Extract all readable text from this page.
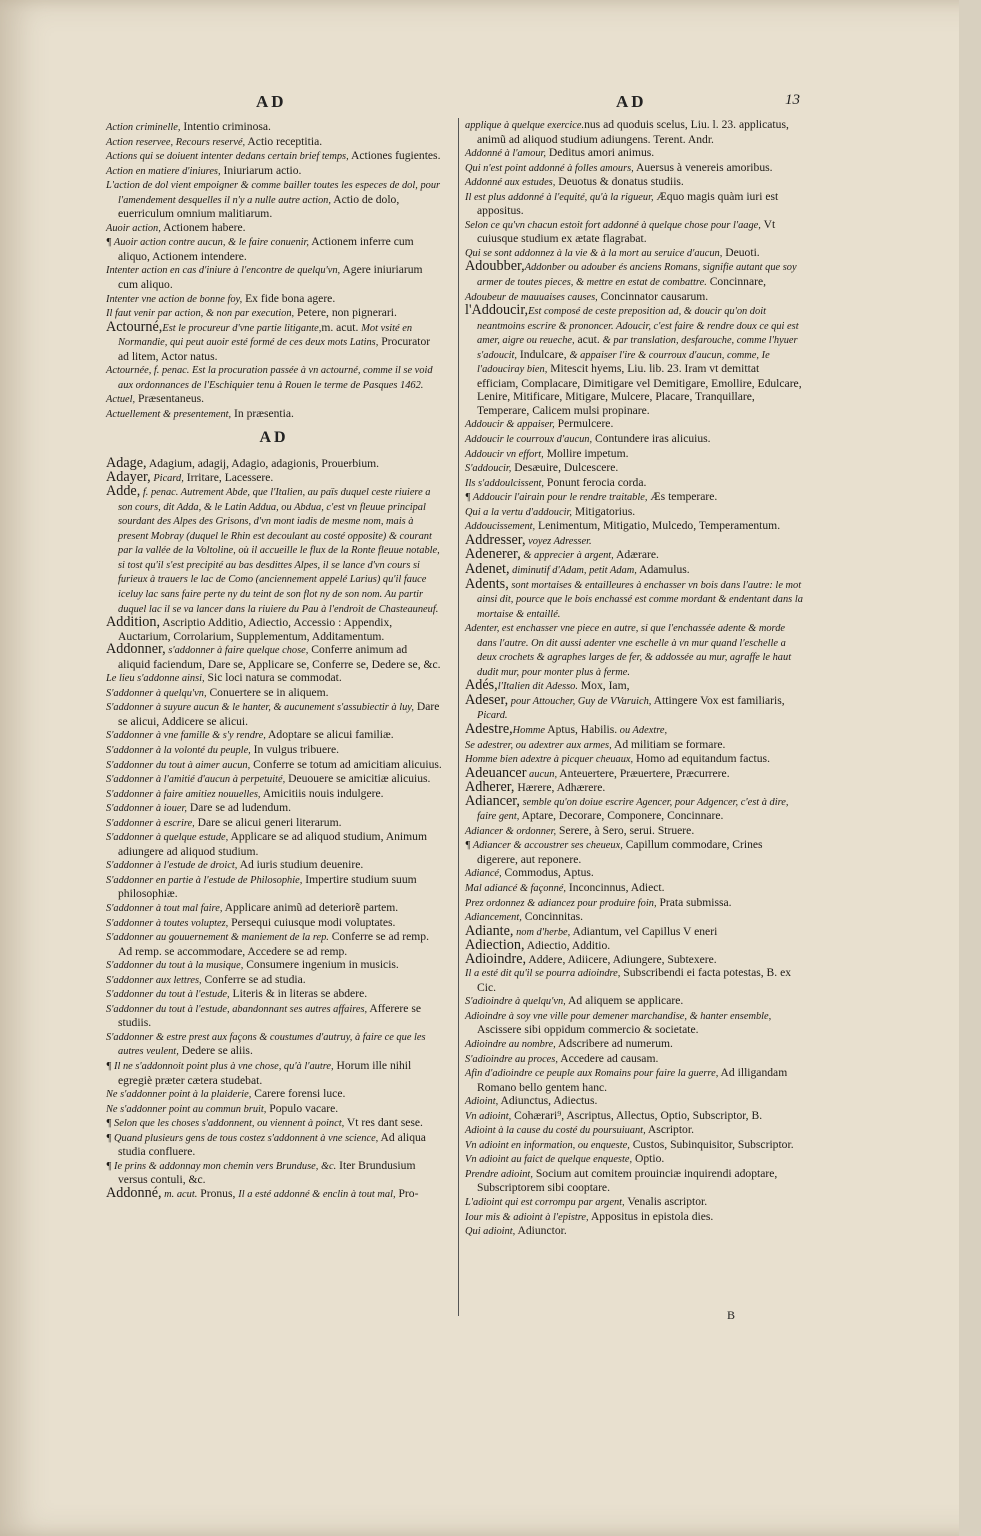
AD	AD	13

Action criminelle, Intentio criminosa.

Action reservee, Recours reservé, Actio receptitia.

Actions qui se doiuent intenter dedans certain brief temps, Actiones fugientes.

Action en matiere d'iniures, Iniuriarum actio.

L'action de dol vient empoigner & comme bailler toutes les especes de dol, pour l'amendement desquelles il n'y a nulle autre action, Actio de dolo, euerriculum omnium malitiarum.

Auoir action, Actionem habere.

¶ Auoir action contre aucun, & le faire conuenir, Actionem inferre cum aliquo, Actionem intendere.

Intenter action en cas d'iniure à l'encontre de quelqu'vn, Agere iniuriarum cum aliquo.

Intenter vne action de bonne foy, Ex fide bona agere.

Il faut venir par action, & non par execution, Petere, non pignerari.

Actourné,Est le procureur d'vne partie litigante,m. acut. Mot vsité en Normandie, qui peut auoir esté formé de ces deux mots Latins, Procurator ad litem, Actor natus.

Actournée, f. penac. Est la procuration passée à vn actourné, comme il se void aux ordonnances de l'Eschiquier tenu à Rouen le terme de Pasques 1462.

Actuel, Præsentaneus.

Actuellement & presentement, In præsentia.

AD

Adage, Adagium, adagij, Adagio, adagionis, Prouerbium.

Adayer, Picard, Irritare, Lacessere.

Adde, f. penac. Autrement Abde, que l'Italien, au païs duquel ceste riuiere a son cours, dit Adda, & le Latin Addua, ou Abdua, c'est vn fleuue principal sourdant des Alpes des Grisons, d'vn mont iadis de mesme nom, mais à present Mobray (duquel le Rhin est decoulant au costé opposite) & courant par la vallée de la Voltoline, où il accueille le flux de la Ronte fleuue notable, si tost qu'il s'est precipité au bas desdittes Alpes, il se lance d'vn cours si furieux à trauers le lac de Como (anciennement appelé Larius) qu'il fauce iceluy lac sans faire perte ny du teint de son flot ny de son nom. Au partir duquel lac il se va lancer dans la riuiere du Pau à l'endroit de Chasteauneuf.

Addition, Ascriptio Additio, Adiectio, Accessio : Appendix, Auctarium, Corrolarium, Supplementum, Additamentum.

Addonner, s'addonner à faire quelque chose, Conferre animum ad aliquid faciendum, Dare se, Applicare se, Conferre se, Dedere se, &c.

Le lieu s'addonne ainsi, Sic loci natura se commodat.

S'addonner à quelqu'vn, Conuertere se in aliquem.

S'addonner à suyure aucun & le hanter, & aucunement s'assubiectir à luy, Dare se alicui, Addicere se alicui.

S'addonner à vne famille & s'y rendre, Adoptare se alicui familiæ.

S'addonner à la volonté du peuple, In vulgus tribuere.

S'addonner du tout à aimer aucun, Conferre se totum ad amicitiam alicuius.

S'addonner à l'amitié d'aucun à perpetuité, Deuouere se amicitiæ alicuius.

S'addonner à faire amitiez nouuelles, Amicitiis nouis indulgere.

S'addonner à iouer, Dare se ad ludendum.

S'addonner à escrire, Dare se alicui generi literarum.

S'addonner à quelque estude, Applicare se ad aliquod studium, Animum adiungere ad aliquod studium.

S'addonner à l'estude de droict, Ad iuris studium deuenire.

S'addonner en partie à l'estude de Philosophie, Impertire studium suum philosophiæ.

S'addonner à tout mal faire, Applicare animũ ad deteriorẽ partem.

S'addonner à toutes voluptez, Persequi cuiusque modi voluptates.

S'addonner au gouuernement & maniement de la rep. Conferre se ad remp. Ad remp. se accommodare, Accedere se ad remp.

S'addonner du tout à la musique, Consumere ingenium in musicis.

S'addonner aux lettres, Conferre se ad studia.

S'addonner du tout à l'estude, Literis & in literas se abdere.

S'addonner du tout à l'estude, abandonnant ses autres affaires, Afferere se studiis.

S'addonner & estre prest aux façons & coustumes d'autruy, à faire ce que les autres veulent, Dedere se aliis.

¶ Il ne s'addonnoit point plus à vne chose, qu'à l'autre, Horum ille nihil egregiè præter cætera studebat.

Ne s'addonner point à la plaiderie, Carere forensi luce.

Ne s'addonner point au commun bruit, Populo vacare.

¶ Selon que les choses s'addonnent, ou viennent à poinct, Vt res dant sese.

¶ Quand plusieurs gens de tous costez s'addonnent à vne science, Ad aliqua studia confluere.

¶ Ie prins & addonnay mon chemin vers Brunduse, &c. Iter Brundusium versus contuli, &c.

Addonné, m. acut. Pronus, Il a esté addonné & enclin à tout mal, Pro-

applique à quelque exercice.nus ad quoduis scelus, Liu. l. 23. applicatus, animũ ad aliquod studium adiungens. Terent. Andr.

Addonné à l'amour, Deditus amori animus.

Qui n'est point addonné à folles amours, Auersus à venereis amoribus.

Addonné aux estudes, Deuotus & donatus studiis.

Il est plus addonné à l'equité, qu'à la rigueur, Æquo magis quàm iuri est appositus.

Selon ce qu'vn chacun estoit fort addonné à quelque chose pour l'aage, Vt cuiusque studium ex ætate flagrabat.

Qui se sont addonnez à la vie & à la mort au seruice d'aucun, Deuoti.

Adoubber,Addonber ou adouber és anciens Romans, signifie autant que soy armer de toutes pieces, & mettre en estat de combattre. Concinnare,

Adoubeur de mauuaises causes, Concinnator causarum.

l'Addoucir,Est composé de ceste preposition ad, & doucir qu'on doit neantmoins escrire & prononcer. Adoucir, c'est faire & rendre doux ce qui est amer, aigre ou reueche, acut. & par translation, desfarouche, comme l'hyuer s'adoucit, Indulcare, & appaiser l'ire & courroux d'aucun, comme, Ie l'adouciray bien, Mitescit hyems, Liu. lib. 23. Iram vt demittat efficiam, Complacare, Dimitigare vel Demitigare, Emollire, Edulcare, Lenire, Mitificare, Mitigare, Mulcere, Placare, Tranquillare, Temperare, Calicem mulsi propinare.

Addoucir & appaiser, Permulcere.

Addoucir le courroux d'aucun, Contundere iras alicuius.

Addoucir vn effort, Mollire impetum.

S'addoucir, Desæuire, Dulcescere.

Ils s'addoulcissent, Ponunt ferocia corda.

¶ Addoucir l'airain pour le rendre traitable, Æs temperare.

Qui a la vertu d'addoucir, Mitigatorius.

Addoucissement, Lenimentum, Mitigatio, Mulcedo, Temperamentum.

Addresser, voyez Adresser.

Adenerer, & apprecier à argent, Adærare.

Adenet, diminutif d'Adam, petit Adam, Adamulus.

Adents, sont mortaises & entailleures à enchasser vn bois dans l'autre: le mot ainsi dit, pource que le bois enchassé est comme mordant & endentant dans la mortaise & entaillé.

Adenter, est enchasser vne piece en autre, si que l'enchassée adente & morde dans l'autre. On dit aussi adenter vne eschelle à vn mur quand l'eschelle a deux crochets & agraphes larges de fer, & addossée au mur, agraffe le haut dudit mur, pour monter plus à ferme.

Adés,l'Italien dit Adesso. Mox, Iam,

Adeser, pour Attoucher, Guy de VVaruich, Attingere Vox est familiaris, Picard.

Adestre,Homme Aptus, Habilis. ou Adextre,

Se adestrer, ou adextrer aux armes, Ad militiam se formare.

Homme bien adextre à picquer cheuaux, Homo ad equitandum factus.

Adeuancer aucun, Anteuertere, Præuertere, Præcurrere.

Adherer, Hærere, Adhærere.

Adiancer, semble qu'on doiue escrire Agencer, pour Adgencer, c'est à dire, faire gent, Aptare, Decorare, Componere, Concinnare.

Adiancer & ordonner, Serere, à Sero, serui. Struere.

¶ Adiancer & accoustrer ses cheueux, Capillum commodare, Crines digerere, aut reponere.

Adiancé, Commodus, Aptus.

Mal adiancé & façonné, Inconcinnus, Adiect.

Prez ordonnez & adiancez pour produire foin, Prata submissa.

Adiancement, Concinnitas.

Adiante, nom d'herbe, Adiantum, vel Capillus V eneri

Adiection, Adiectio, Additio.

Adioindre, Addere, Adiicere, Adiungere, Subtexere.

Il a esté dit qu'il se pourra adioindre, Subscribendi ei facta potestas, B. ex Cic.

S'adioindre à quelqu'vn, Ad aliquem se applicare.

Adioindre à soy vne ville pour demener marchandise, & hanter ensemble, Ascissere sibi oppidum commercio & societate.

Adioindre au nombre, Adscribere ad numerum.

S'adioindre au proces, Accedere ad causam.

Afin d'adioindre ce peuple aux Romains pour faire la guerre, Ad illigandam Romano bello gentem hanc.

Adioint, Adiunctus, Adiectus.

Vn adioint, Cohærari⁹, Ascriptus, Allectus, Optio, Subscriptor, B.

Adioint à la cause du costé du poursuiuant, Ascriptor.

Vn adioint en information, ou enqueste, Custos, Subinquisitor, Subscriptor.

Vn adioint au faict de quelque enqueste, Optio.

Prendre adioint, Socium aut comitem prouinciæ inquirendi adoptare, Subscriptorem sibi cooptare.

L'adioint qui est corrompu par argent, Venalis ascriptor.

Iour mis & adioint à l'epistre, Appositus in epistola dies.

Qui adioint, Adiunctor.

B
